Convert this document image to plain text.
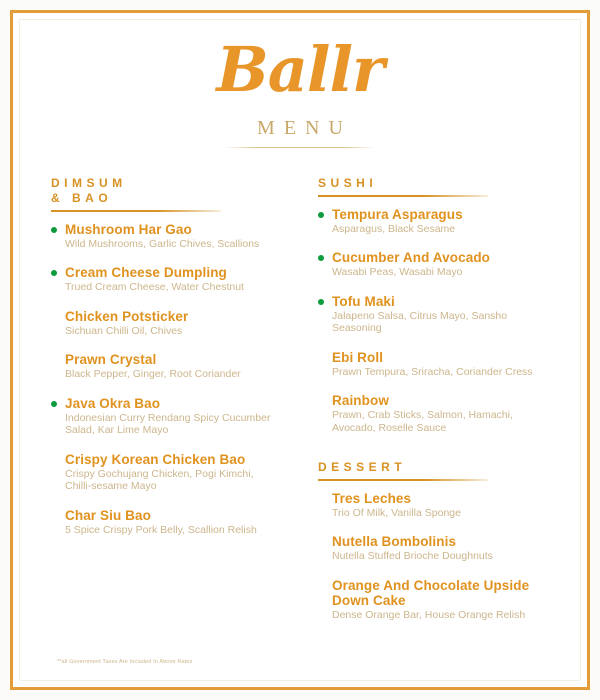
Ballr
MENU
DIMSUM
& BAO
Mushroom Har Gao
Wild Mushrooms, Garlic Chives, Scallions
Cream Cheese Dumpling
Trued Cream Cheese, Water Chestnut
Chicken Potsticker
Sichuan Chilli Oil, Chives
Prawn Crystal
Black Pepper, Ginger, Root Coriander
Java Okra Bao
Indonesian Curry Rendang Spicy Cucumber Salad, Kar Lime Mayo
Crispy Korean Chicken Bao
Crispy Gochujang Chicken, Pogi Kimchi, Chilli-sesame Mayo
Char Siu Bao
5 Spice Crispy Pork Belly, Scallion Relish
SUSHI
Tempura Asparagus
Asparagus, Black Sesame
Cucumber And Avocado
Wasabi Peas, Wasabi Mayo
Tofu Maki
Jalapeno Salsa, Citrus Mayo, Sansho Seasoning
Ebi Roll
Prawn Tempura, Sriracha, Coriander Cress
Rainbow
Prawn, Crab Sticks, Salmon, Hamachi, Avocado, Roselle Sauce
DESSERT
Tres Leches
Trio Of Milk, Vanilla Sponge
Nutella Bombolinis
Nutella Stuffed Brioche Doughnuts
Orange And Chocolate Upside Down Cake
Dense Orange Bar, House Orange Relish
**all Government Taxes Are Included In Above Rates
